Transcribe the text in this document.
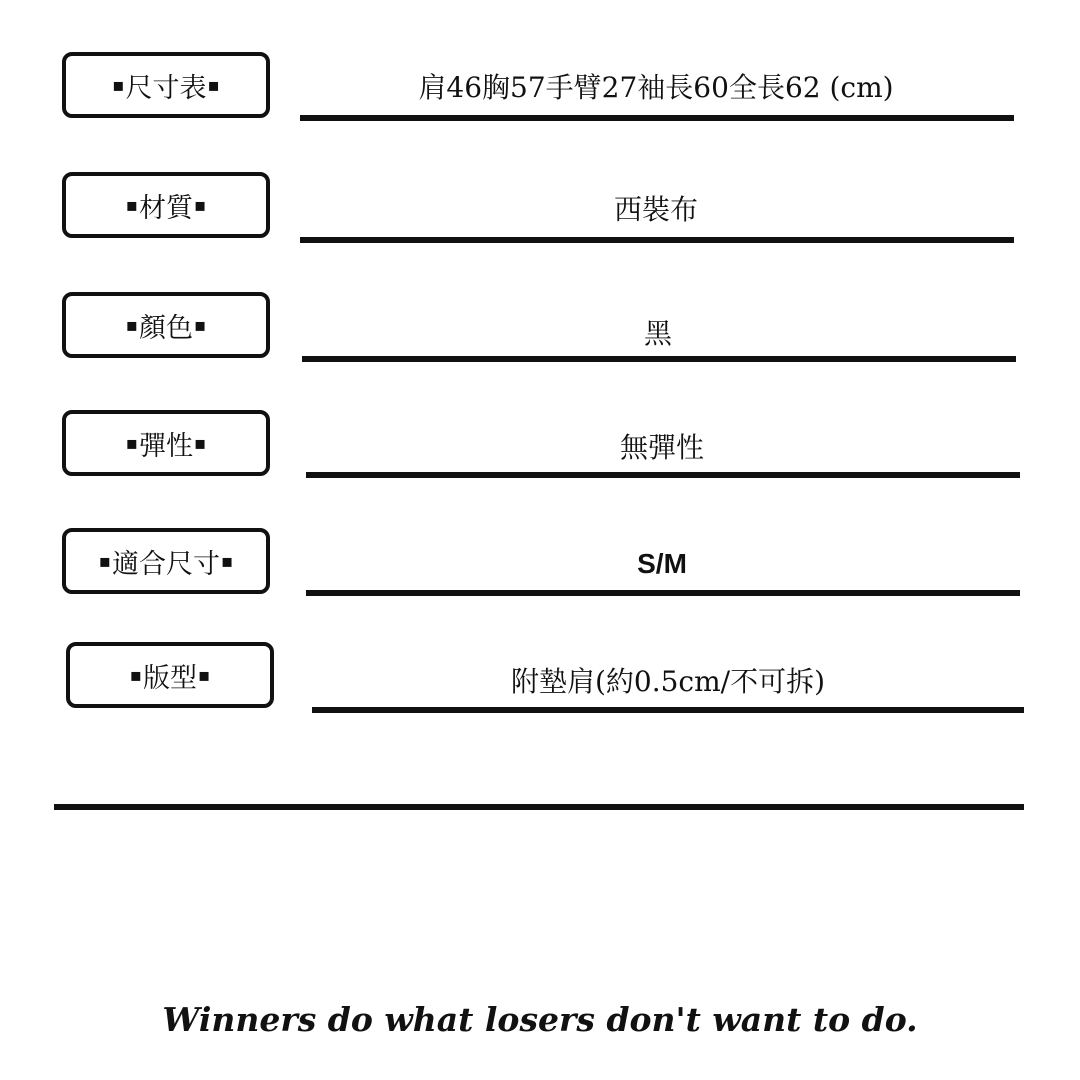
▪ 尺寸表 ▪	肩46胸57手臂27袖長60全長62 (cm)
▪ 材質 ▪	西裝布
▪ 顏色 ▪	黑
▪ 彈性 ▪	無彈性
▪ 適合尺寸 ▪	S/M
▪ 版型 ▪	附墊肩(約0.5cm/不可拆)
Winners do what losers don't want to do.
